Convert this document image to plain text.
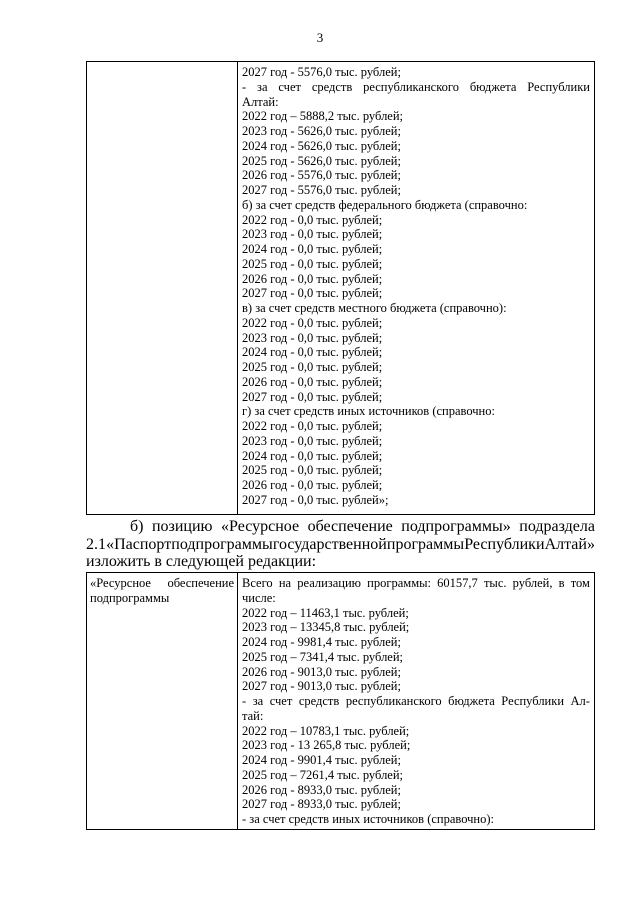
3

2027 год - 5576,0 тыс. рублей;
- за счет средств республиканского бюджета Республики
Алтай:
2022 год – 5888,2 тыс. рублей;
2023 год - 5626,0 тыс. рублей;
2024 год - 5626,0 тыс. рублей;
2025 год - 5626,0 тыс. рублей;
2026 год - 5576,0 тыс. рублей;
2027 год - 5576,0 тыс. рублей;
б) за счет средств федерального бюджета (справочно:
2022 год - 0,0 тыс. рублей;
2023 год - 0,0 тыс. рублей;
2024 год - 0,0 тыс. рублей;
2025 год - 0,0 тыс. рублей;
2026 год - 0,0 тыс. рублей;
2027 год - 0,0 тыс. рублей;
в) за счет средств местного бюджета (справочно):
2022 год - 0,0 тыс. рублей;
2023 год - 0,0 тыс. рублей;
2024 год - 0,0 тыс. рублей;
2025 год - 0,0 тыс. рублей;
2026 год - 0,0 тыс. рублей;
2027 год - 0,0 тыс. рублей;
г) за счет средств иных источников (справочно:
2022 год - 0,0 тыс. рублей;
2023 год - 0,0 тыс. рублей;
2024 год - 0,0 тыс. рублей;
2025 год - 0,0 тыс. рублей;
2026 год - 0,0 тыс. рублей;
2027 год - 0,0 тыс. рублей»;
б) позицию «Ресурсное обеспечение подпрограммы» подраздела
2.1 «Паспорт подпрограммы государственной программы Республики Алтай»
изложить в следующей редакции:
«Ресурсное обеспечение
подпрограммы

Всего на реализацию программы: 60157,7 тыс. рублей, в том
числе:
2022 год – 11463,1 тыс. рублей;
2023 год – 13345,8 тыс. рублей;
2024 год - 9981,4 тыс. рублей;
2025 год – 7341,4 тыс. рублей;
2026 год - 9013,0 тыс. рублей;
2027 год - 9013,0 тыс. рублей;
- за счет средств республиканского бюджета Республики Ал-
тай:
2022 год – 10783,1 тыс. рублей;
2023 год - 13 265,8 тыс. рублей;
2024 год - 9901,4 тыс. рублей;
2025 год – 7261,4 тыс. рублей;
2026 год - 8933,0 тыс. рублей;
2027 год - 8933,0 тыс. рублей;
- за счет средств иных источников (справочно):
